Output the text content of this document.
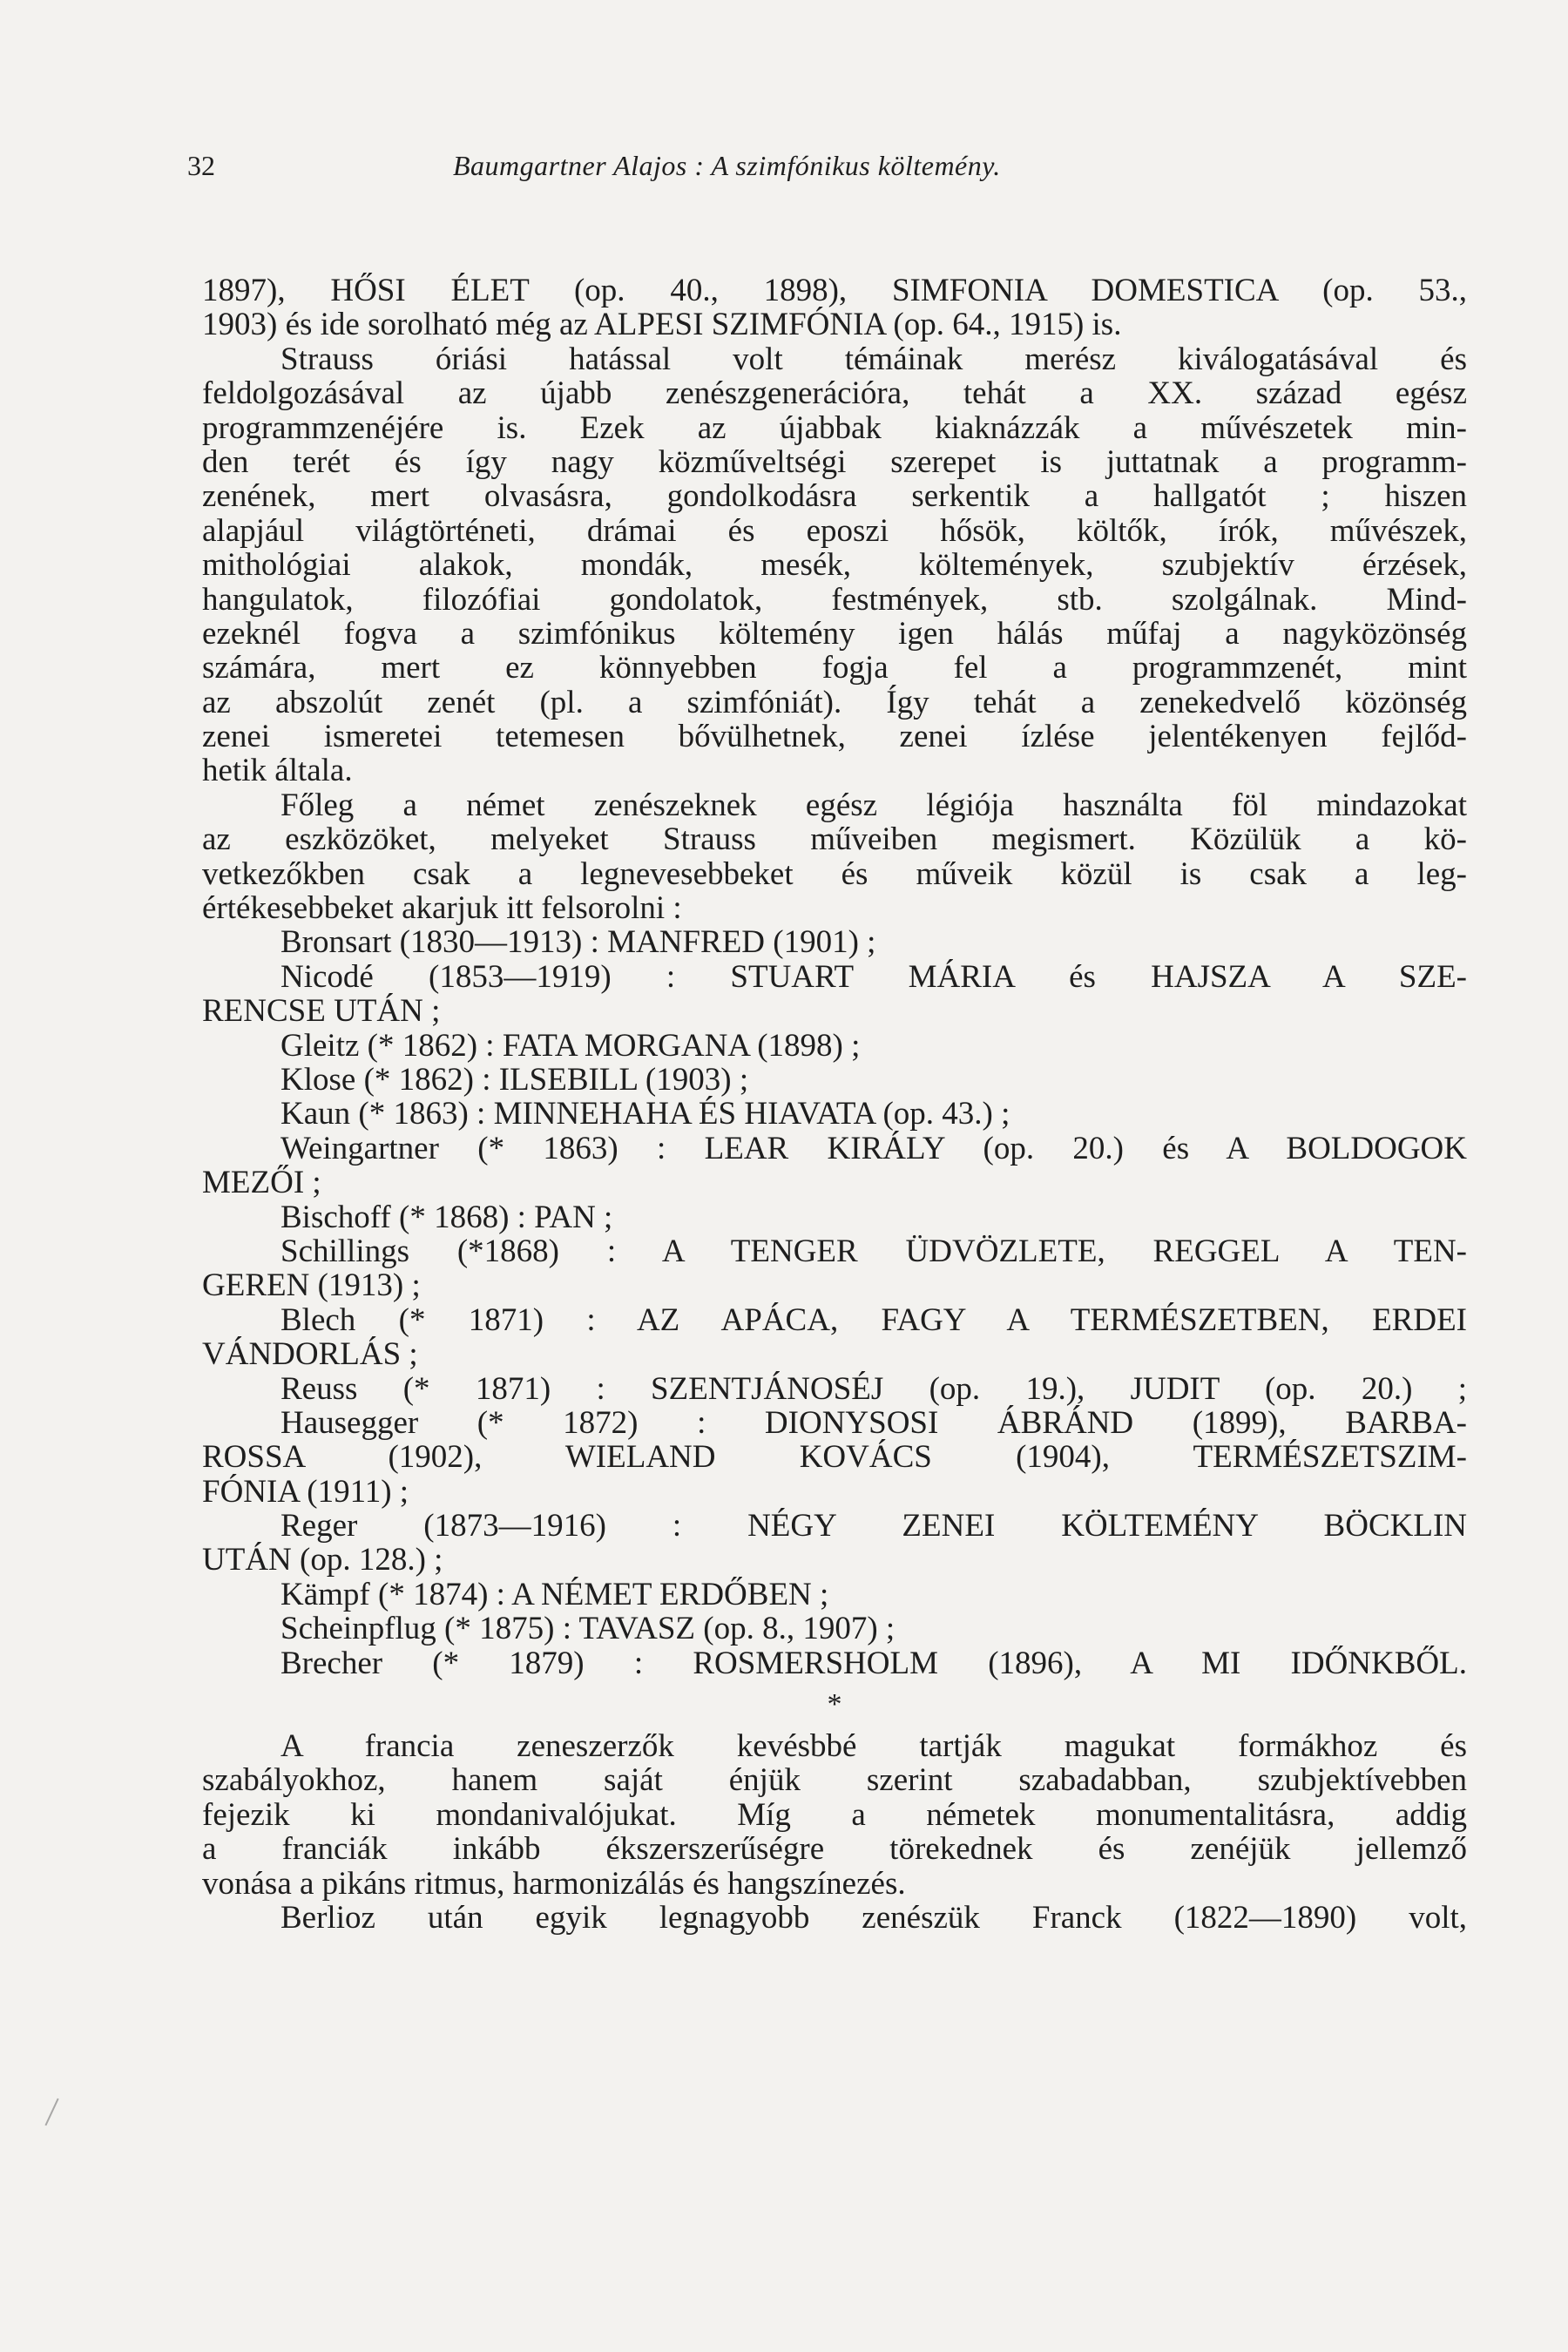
32	Baumgartner Alajos : A szimfónikus költemény.
1897), HŐSI ÉLET (op. 40., 1898), SIMFONIA DOMESTICA (op. 53.,
1903) és ide sorolható még az ALPESI SZIMFÓNIA (op. 64., 1915) is.
Strauss óriási hatással volt témáinak merész kiválogatásával és
feldolgozásával az újabb zenészgenerációra, tehát a XX. század egész
programmzenéjére is. Ezek az újabbak kiaknázzák a művészetek min-
den terét és így nagy közműveltségi szerepet is juttatnak a programm-
zenének, mert olvasásra, gondolkodásra serkentik a hallgatót ; hiszen
alapjául világtörténeti, drámai és eposzi hősök, költők, írók, művészek,
mithológiai alakok, mondák, mesék, költemények, szubjektív érzések,
hangulatok, filozófiai gondolatok, festmények, stb. szolgálnak. Mind-
ezeknél fogva a szimfónikus költemény igen hálás műfaj a nagyközönség
számára, mert ez könnyebben fogja fel a programmzenét, mint
az abszolút zenét (pl. a szimfóniát). Így tehát a zenekedvelő közönség
zenei ismeretei tetemesen bővülhetnek, zenei ízlése jelentékenyen fejlőd-
hetik általa.
Főleg a német zenészeknek egész légiója használta föl mindazokat
az eszközöket, melyeket Strauss műveiben megismert. Közülük a kö-
vetkezőkben csak a legnevesebbeket és műveik közül is csak a leg-
értékesebbeket akarjuk itt felsorolni :
Bronsart (1830—1913) : MANFRED (1901) ;
Nicodé (1853—1919) : STUART MÁRIA és HAJSZA A SZE-
RENCSE UTÁN ;
Gleitz (* 1862) : FATA MORGANA (1898) ;
Klose (* 1862) : ILSEBILL (1903) ;
Kaun (* 1863) : MINNEHAHA ÉS HIAVATA (op. 43.) ;
Weingartner (* 1863) : LEAR KIRÁLY (op. 20.) és A BOLDOGOK
MEZŐI ;
Bischoff (* 1868) : PAN ;
Schillings (*1868) : A TENGER ÜDVÖZLETE, REGGEL A TEN-
GEREN (1913) ;
Blech (* 1871) : AZ APÁCA, FAGY A TERMÉSZETBEN, ERDEI
VÁNDORLÁS ;
Reuss (* 1871) : SZENTJÁNOSÉJ (op. 19.), JUDIT (op. 20.) ;
Hausegger (* 1872) : DIONYSOSI ÁBRÁND (1899), BARBA-
ROSSA (1902), WIELAND KOVÁCS (1904), TERMÉSZETSZIM-
FÓNIA (1911) ;
Reger (1873—1916) : NÉGY ZENEI KÖLTEMÉNY BÖCKLIN
UTÁN (op. 128.) ;
Kämpf (* 1874) : A NÉMET ERDŐBEN ;
Scheinpflug (* 1875) : TAVASZ (op. 8., 1907) ;
Brecher (* 1879) : ROSMERSHOLM (1896), A MI IDŐNKBŐL.
*
A francia zeneszerzők kevésbbé tartják magukat formákhoz és
szabályokhoz, hanem saját énjük szerint szabadabban, szubjektívebben
fejezik ki mondanivalójukat. Míg a németek monumentalitásra, addig
a franciák inkább ékszerszerűségre törekednek és zenéjük jellemző
vonása a pikáns ritmus, harmonizálás és hangszínezés.
Berlioz után egyik legnagyobb zenészük Franck (1822—1890) volt,
